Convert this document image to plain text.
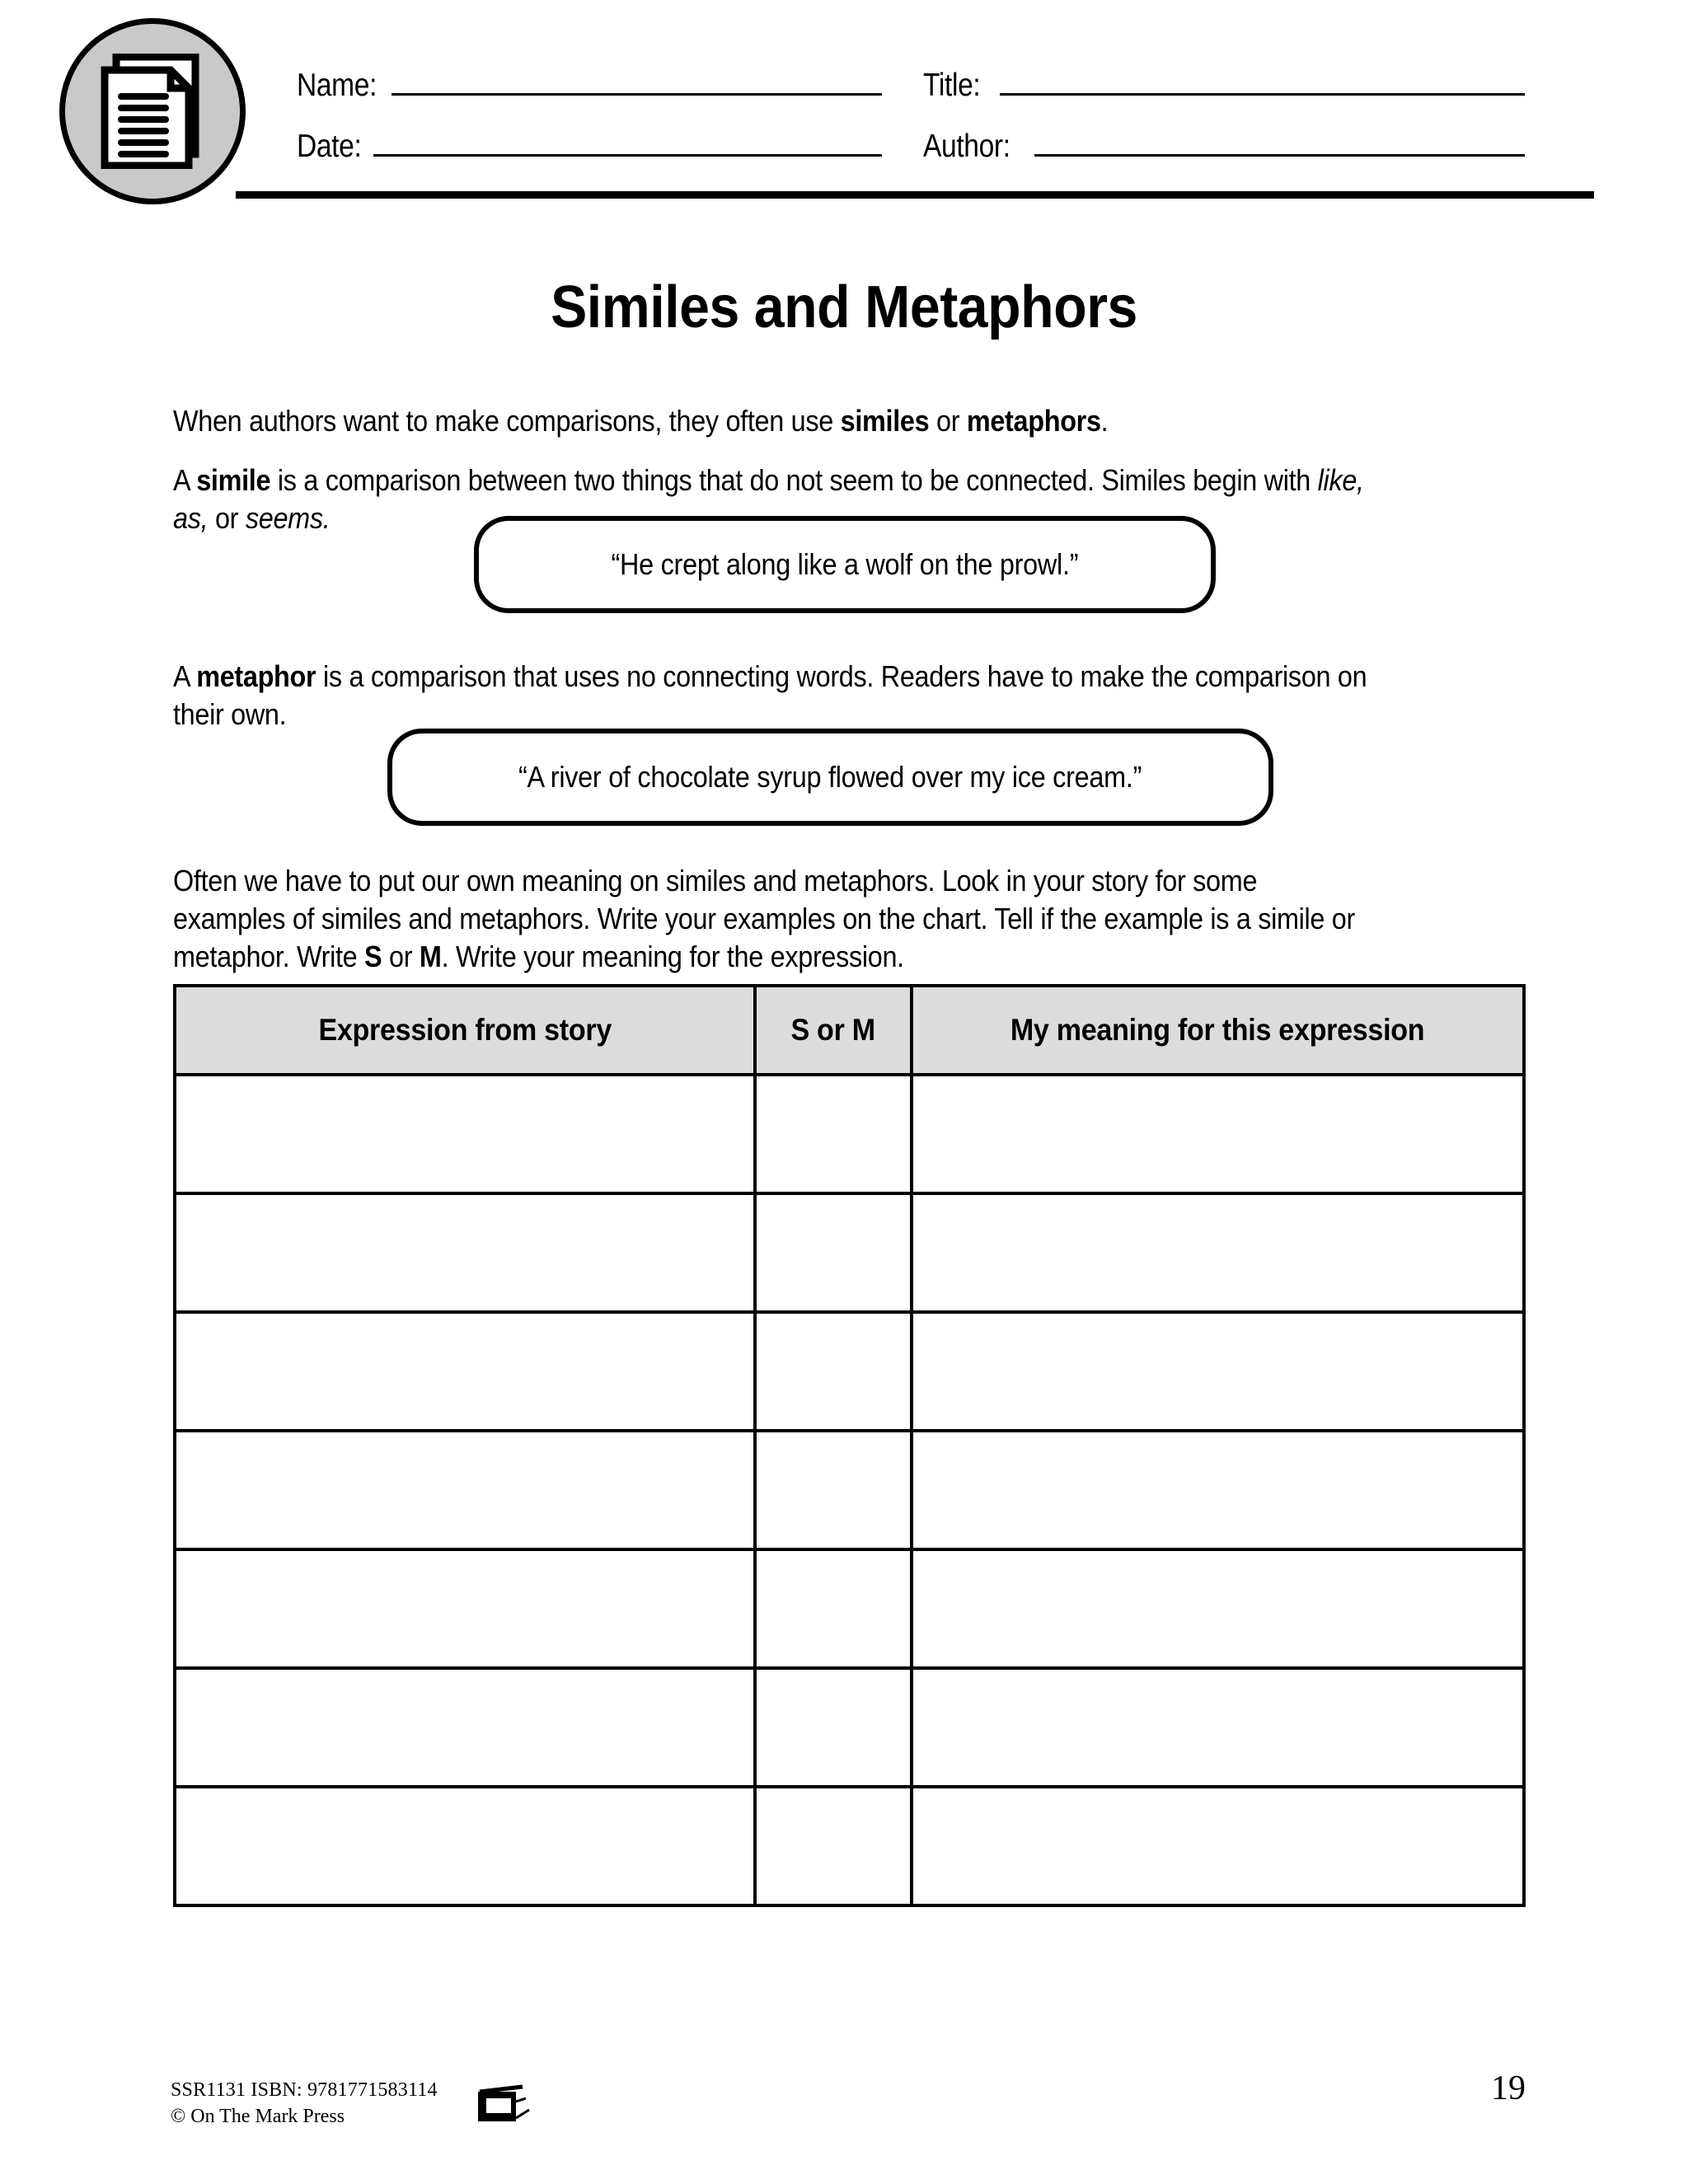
Name:	Title:
Date:	Author:
Similes and Metaphors

When authors want to make comparisons, they often use similes or metaphors.

A simile is a comparison between two things that do not seem to be connected. Similes begin with like, as, or seems.

“He crept along like a wolf on the prowl.”

A metaphor is a comparison that uses no connecting words. Readers have to make the comparison on their own.

“A river of chocolate syrup flowed over my ice cream.”

Often we have to put our own meaning on similes and metaphors. Look in your story for some examples of similes and metaphors. Write your examples on the chart. Tell if the example is a simile or metaphor. Write S or M. Write your meaning for the expression.

Expression from story	S or M	My meaning for this expression

SSR1131 ISBN: 9781771583114
© On The Mark Press
19
